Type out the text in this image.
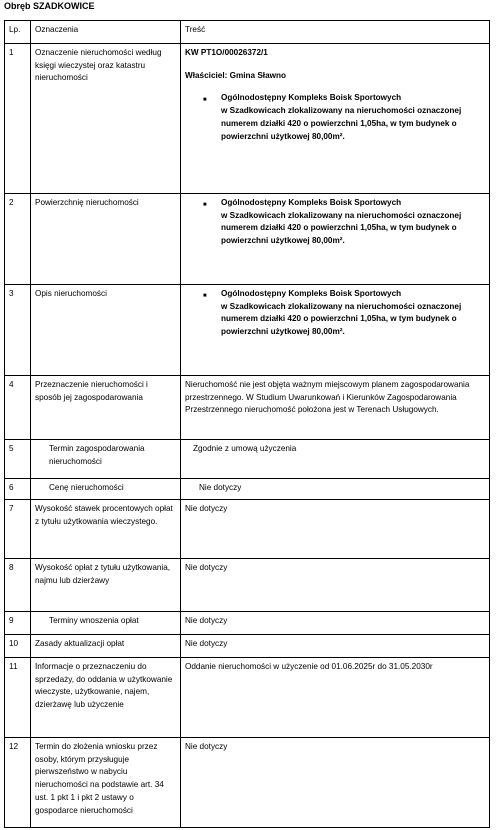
Obręb SZADKOWICE
Lp.	Oznaczenia	Treść
1	Oznaczenie nieruchomości według księgi wieczystej oraz katastru nieruchomości	KW PT1O/00026372/1
Właściciel: Gmina Sławno
■ Ogólnodostępny Kompleks Boisk Sportowych
w Szadkowicach zlokalizowany na nieruchomości oznaczonej numerem działki 420 o powierzchni 1,05ha, w tym budynek o powierzchni użytkowej 80,00m².

2	Powierzchnię nieruchomości	■ Ogólnodostępny Kompleks Boisk Sportowych
w Szadkowicach zlokalizowany na nieruchomości oznaczonej numerem działki 420 o powierzchni 1,05ha, w tym budynek o powierzchni użytkowej 80,00m².

3	Opis nieruchomości	■ Ogólnodostępny Kompleks Boisk Sportowych
w Szadkowicach zlokalizowany na nieruchomości oznaczonej numerem działki 420 o powierzchni 1,05ha, w tym budynek o powierzchni użytkowej 80,00m².

4	Przeznaczenie nieruchomości i sposób jej zagospodarowania	Nieruchomość nie jest objęta ważnym miejscowym planem zagospodarowania przestrzennego. W Studium Uwarunkowań i Kierunków Zagospodarowania Przestrzennego nieruchomość położona jest w Terenach Usługowych.
5	Termin zagospodarowania nieruchomości	Zgodnie z umową użyczenia
6	Cenę nieruchomości	Nie dotyczy
7	Wysokość stawek procentowych opłat z tytułu użytkowania wieczystego.	Nie dotyczy
8	Wysokość opłat z tytułu użytkowania, najmu lub dzierżawy	Nie dotyczy
9	Terminy wnoszenia opłat	Nie dotyczy
10	Zasady aktualizacji opłat	Nie dotyczy
11	Informacje o przeznaczeniu do sprzedaży, do oddania w użytkowanie wieczyste, użytkowanie, najem, dzierżawę lub użyczenie	Oddanie nieruchomości w użyczenie od 01.06.2025r do 31.05.2030r
12	Termin do złożenia wniosku przez osoby, którym przysługuje pierwszeństwo w nabyciu nieruchomości na podstawie art. 34 ust. 1 pkt 1 i pkt 2 ustawy o gospodarce nieruchomości	Nie dotyczy
